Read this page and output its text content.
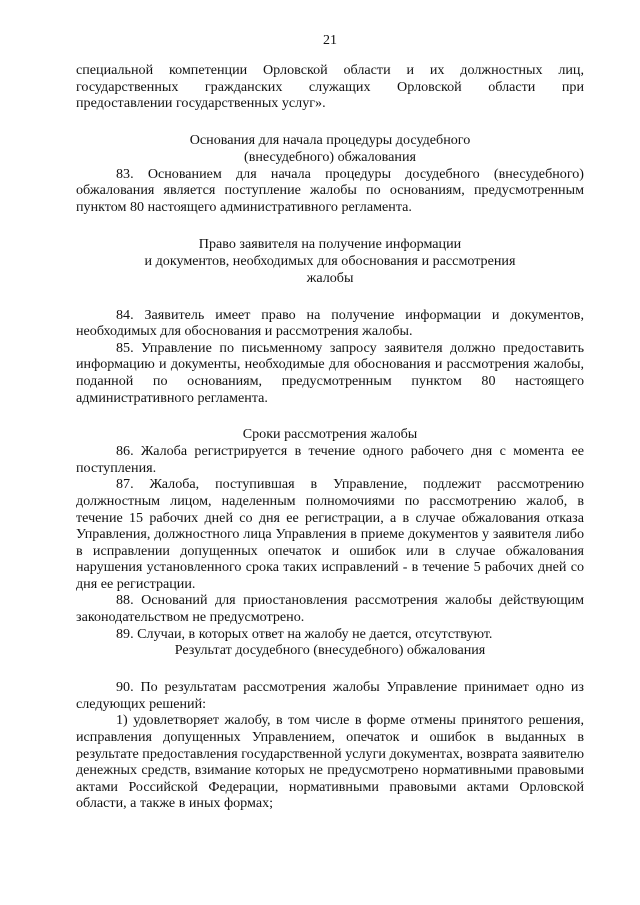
21

специальной компетенции Орловской области и их должностных лиц, государственных гражданских служащих Орловской области при

предоставлении государственных услуг».

Основания для начала процедуры досудебного
(внесудебного) обжалования

83. Основанием для начала процедуры досудебного (внесудебного) обжалования является поступление жалобы по основаниям, предусмотренным пунктом 80 настоящего административного регламента.

Право заявителя на получение информации
и документов, необходимых для обоснования и рассмотрения
жалобы

84. Заявитель имеет право на получение информации и документов, необходимых для обоснования и рассмотрения жалобы.

85. Управление по письменному запросу заявителя должно предоставить информацию и документы, необходимые для обоснования и рассмотрения жалобы, поданной по основаниям, предусмотренным пунктом 80 настоящего административного регламента.

Сроки рассмотрения жалобы

86. Жалоба регистрируется в течение одного рабочего дня с момента ее поступления.

87. Жалоба, поступившая в Управление, подлежит рассмотрению должностным лицом, наделенным полномочиями по рассмотрению жалоб, в течение 15 рабочих дней со дня ее регистрации, а в случае обжалования отказа Управления, должностного лица Управления в приеме документов у заявителя либо в исправлении допущенных опечаток и ошибок или в случае обжалования нарушения установленного срока таких исправлений - в течение 5 рабочих дней со дня ее регистрации.

88. Оснований для приостановления рассмотрения жалобы действующим законодательством не предусмотрено.

89. Случаи, в которых ответ на жалобу не дается, отсутствуют.

Результат досудебного (внесудебного) обжалования

90. По результатам рассмотрения жалобы Управление принимает одно из следующих решений:

1) удовлетворяет жалобу, в том числе в форме отмены принятого решения, исправления допущенных Управлением, опечаток и ошибок в выданных в результате предоставления государственной услуги документах, возврата заявителю денежных средств, взимание которых не предусмотрено нормативными правовыми актами Российской Федерации, нормативными правовыми актами Орловской области, а также в иных формах;
